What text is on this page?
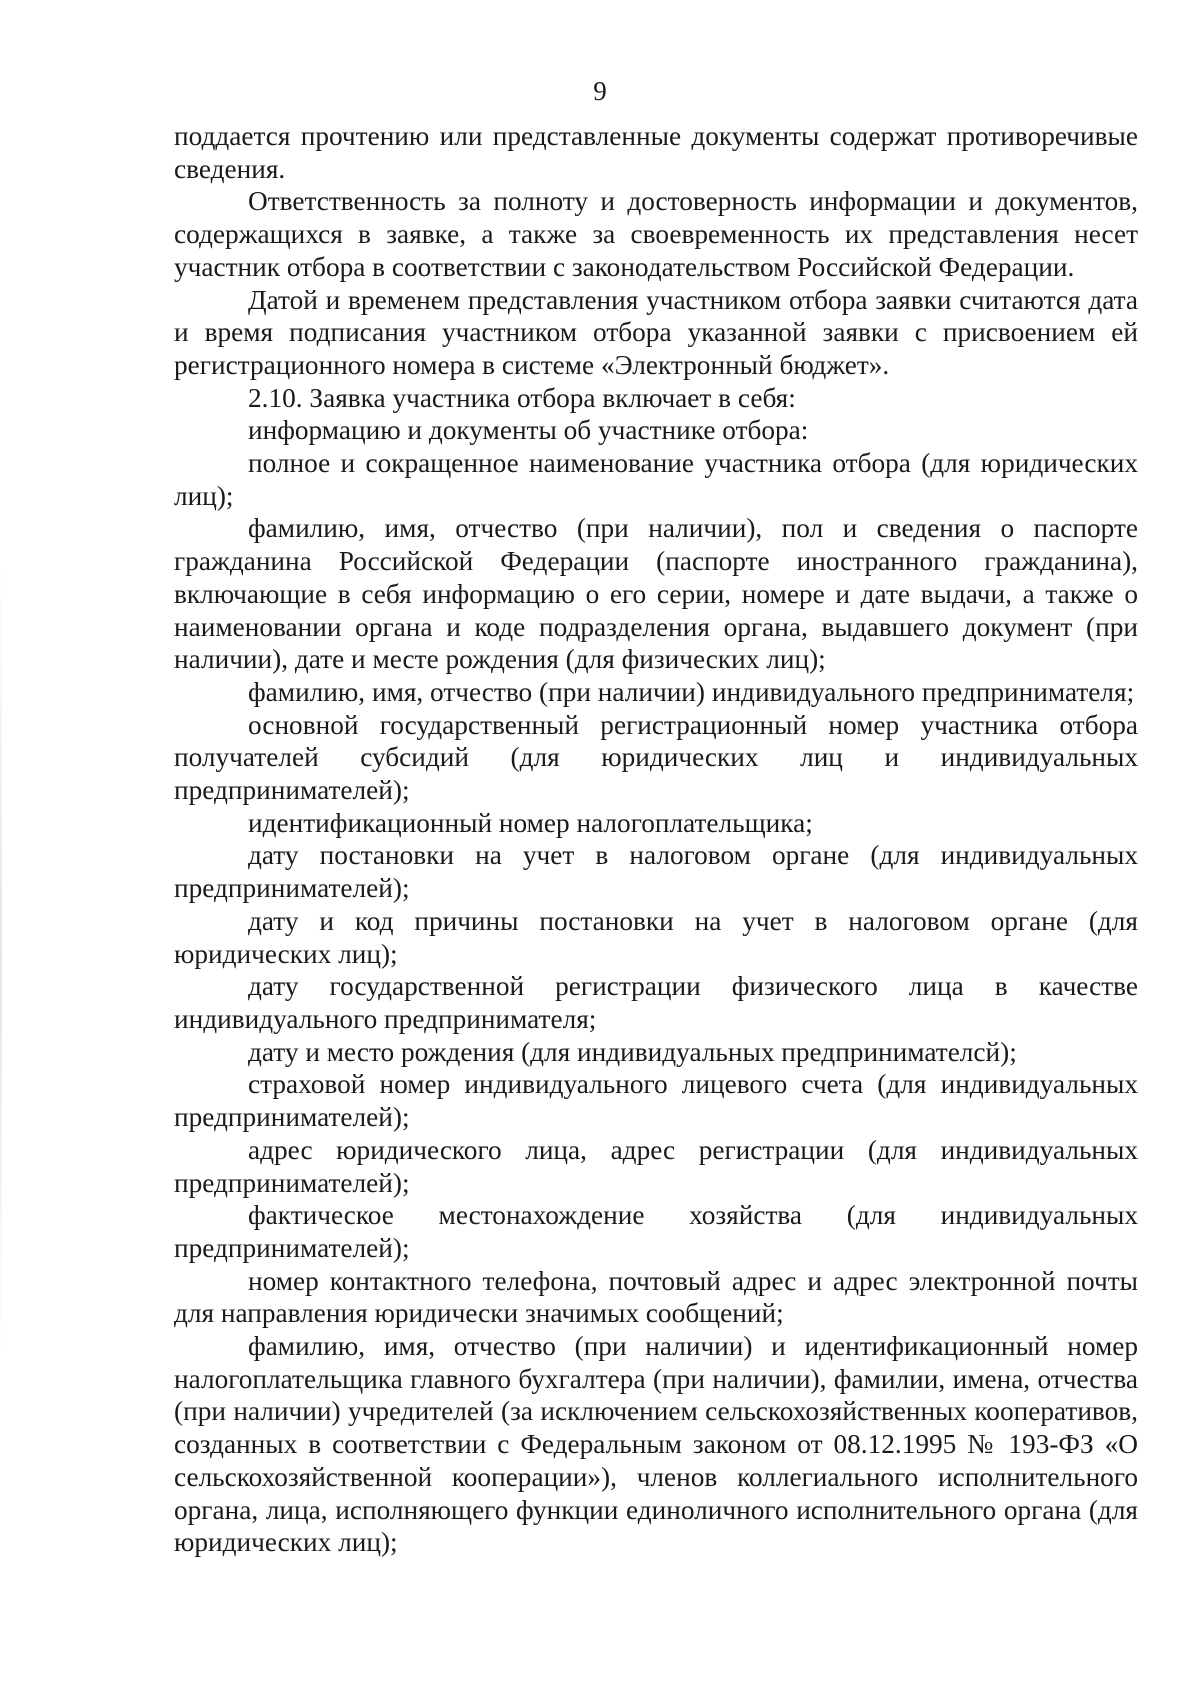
9

поддается прочтению или представленные документы содержат противоречивые сведения.

Ответственность за полноту и достоверность информации и документов, содержащихся в заявке, а также за своевременность их представления несет участник отбора в соответствии с законодательством Российской Федерации.

Датой и временем представления участником отбора заявки считаются дата и время подписания участником отбора указанной заявки с присвоением ей регистрационного номера в системе «Электронный бюджет».

2.10. Заявка участника отбора включает в себя:

информацию и документы об участнике отбора:

полное и сокращенное наименование участника отбора (для юридических лиц);

фамилию, имя, отчество (при наличии), пол и сведения о паспорте гражданина Российской Федерации (паспорте иностранного гражданина), включающие в себя информацию о его серии, номере и дате выдачи, а также о наименовании органа и коде подразделения органа, выдавшего документ (при наличии), дате и месте рождения (для физических лиц);

фамилию, имя, отчество (при наличии) индивидуального предпринимателя;

основной государственный регистрационный номер участника отбора получателей субсидий (для юридических лиц и индивидуальных предпринимателей);

идентификационный номер налогоплательщика;

дату постановки на учет в налоговом органе (для индивидуальных предпринимателей);

дату и код причины постановки на учет в налоговом органе (для юридических лиц);

дату государственной регистрации физического лица в качестве индивидуального предпринимателя;

дату и место рождения (для индивидуальных предпринимателсй);

страховой номер индивидуального лицевого счета (для индивидуальных предпринимателей);

адрес юридического лица, адрес регистрации (для индивидуальных предпринимателей);

фактическое местонахождение хозяйства (для индивидуальных предпринимателей);

номер контактного телефона, почтовый адрес и адрес электронной почты для направления юридически значимых сообщений;

фамилию, имя, отчество (при наличии) и идентификационный номер налогоплательщика главного бухгалтера (при наличии), фамилии, имена, отчества (при наличии) учредителей (за исключением сельскохозяйственных кооперативов, созданных в соответствии с Федеральным законом от 08.12.1995 № 193-ФЗ «О сельскохозяйственной кооперации»), членов коллегиального исполнительного органа, лица, исполняющего функции единоличного исполнительного органа (для юридических лиц);
